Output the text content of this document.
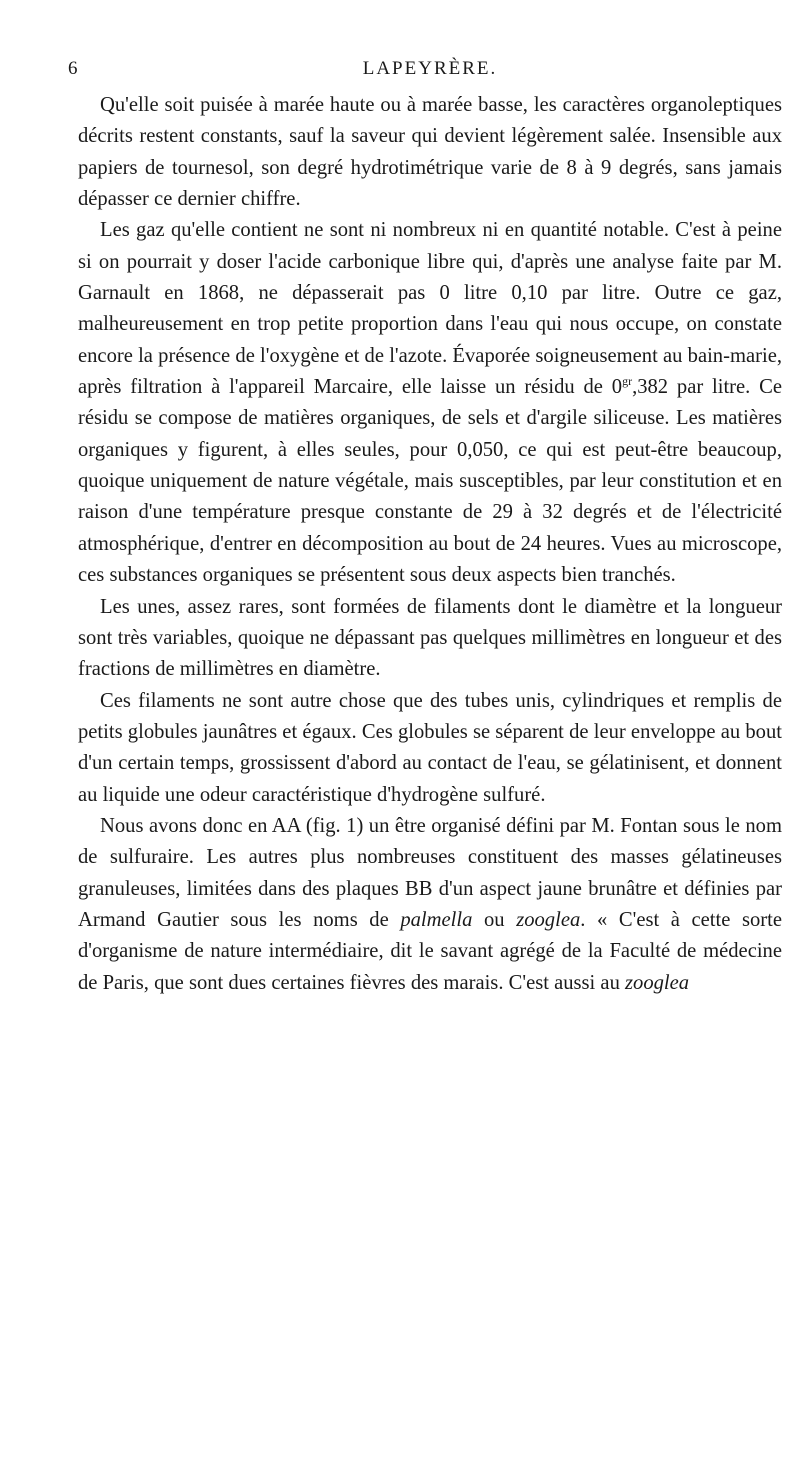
6	LAPEYRÈRE.

Qu'elle soit puisée à marée haute ou à marée basse, les caractères organoleptiques décrits restent constants, sauf la saveur qui devient légèrement salée. Insensible aux papiers de tournesol, son degré hydrotimétrique varie de 8 à 9 degrés, sans jamais dépasser ce dernier chiffre.

Les gaz qu'elle contient ne sont ni nombreux ni en quantité notable. C'est à peine si on pourrait y doser l'acide carbonique libre qui, d'après une analyse faite par M. Garnault en 1868, ne dépasserait pas 0 litre 0,10 par litre. Outre ce gaz, malheureusement en trop petite proportion dans l'eau qui nous occupe, on constate encore la présence de l'oxygène et de l'azote. Évaporée soigneusement au bain-marie, après filtration à l'appareil Marcaire, elle laisse un résidu de $0^{gr},382$ par litre. Ce résidu se compose de matières organiques, de sels et d'argile siliceuse. Les matières organiques y figurent, à elles seules, pour 0,050, ce qui est peut-être beaucoup, quoique uniquement de nature végétale, mais susceptibles, par leur constitution et en raison d'une température presque constante de 29 à 32 degrés et de l'électricité atmosphérique, d'entrer en décomposition au bout de 24 heures. Vues au microscope, ces substances organiques se présentent sous deux aspects bien tranchés.

Les unes, assez rares, sont formées de filaments dont le diamètre et la longueur sont très variables, quoique ne dépassant pas quelques millimètres en longueur et des fractions de millimètres en diamètre.

Ces filaments ne sont autre chose que des tubes unis, cylindriques et remplis de petits globules jaunâtres et égaux. Ces globules se séparent de leur enveloppe au bout d'un certain temps, grossissent d'abord au contact de l'eau, se gélatinisent, et donnent au liquide une odeur caractéristique d'hydrogène sulfuré.

Nous avons donc en AA (fig. 1) un être organisé défini par M. Fontan sous le nom de sulfuraire. Les autres plus nombreuses constituent des masses gélatineuses granuleuses, limitées dans des plaques BB d'un aspect jaune brunâtre et définies par Armand Gautier sous les noms de palmella ou zooglea. « C'est à cette sorte d'organisme de nature intermédiaire, dit le savant agrégé de la Faculté de médecine de Paris, que sont dues certaines fièvres des marais. C'est aussi au zooglea
